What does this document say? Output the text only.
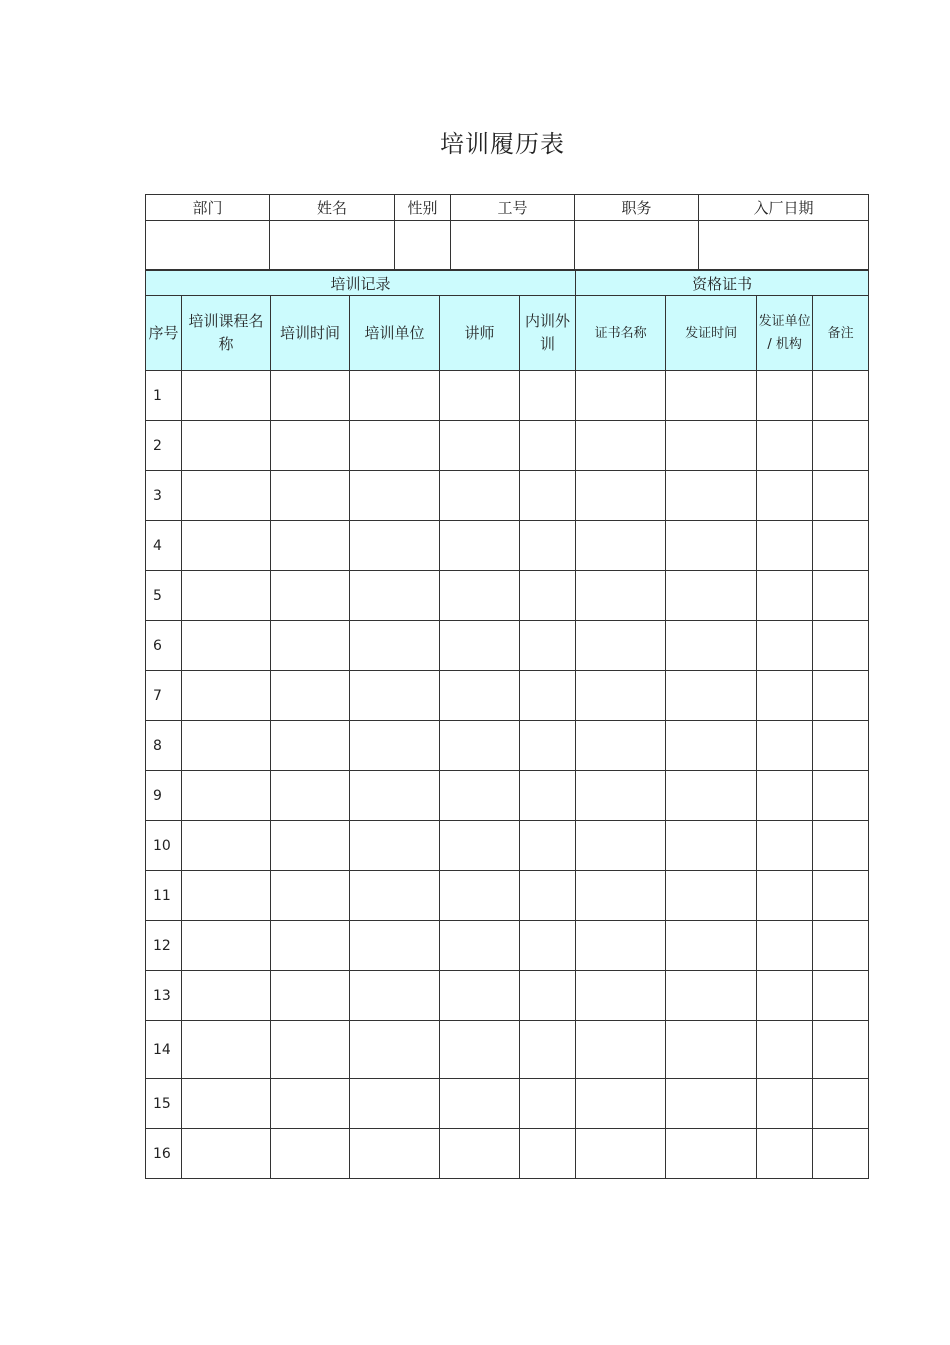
培训履历表
部门	姓名	性别	工号	职务	入厂日期

培训记录						资格证书			
序号	培训课程名称	培训时间	培训单位	讲师	内训外训	证书名称	发证时间	发证单位 / 机构	备注
1									
2									
3									
4									
5									
6									
7									
8									
9									
10									
11									
12									
13									
14									
15									
16									
